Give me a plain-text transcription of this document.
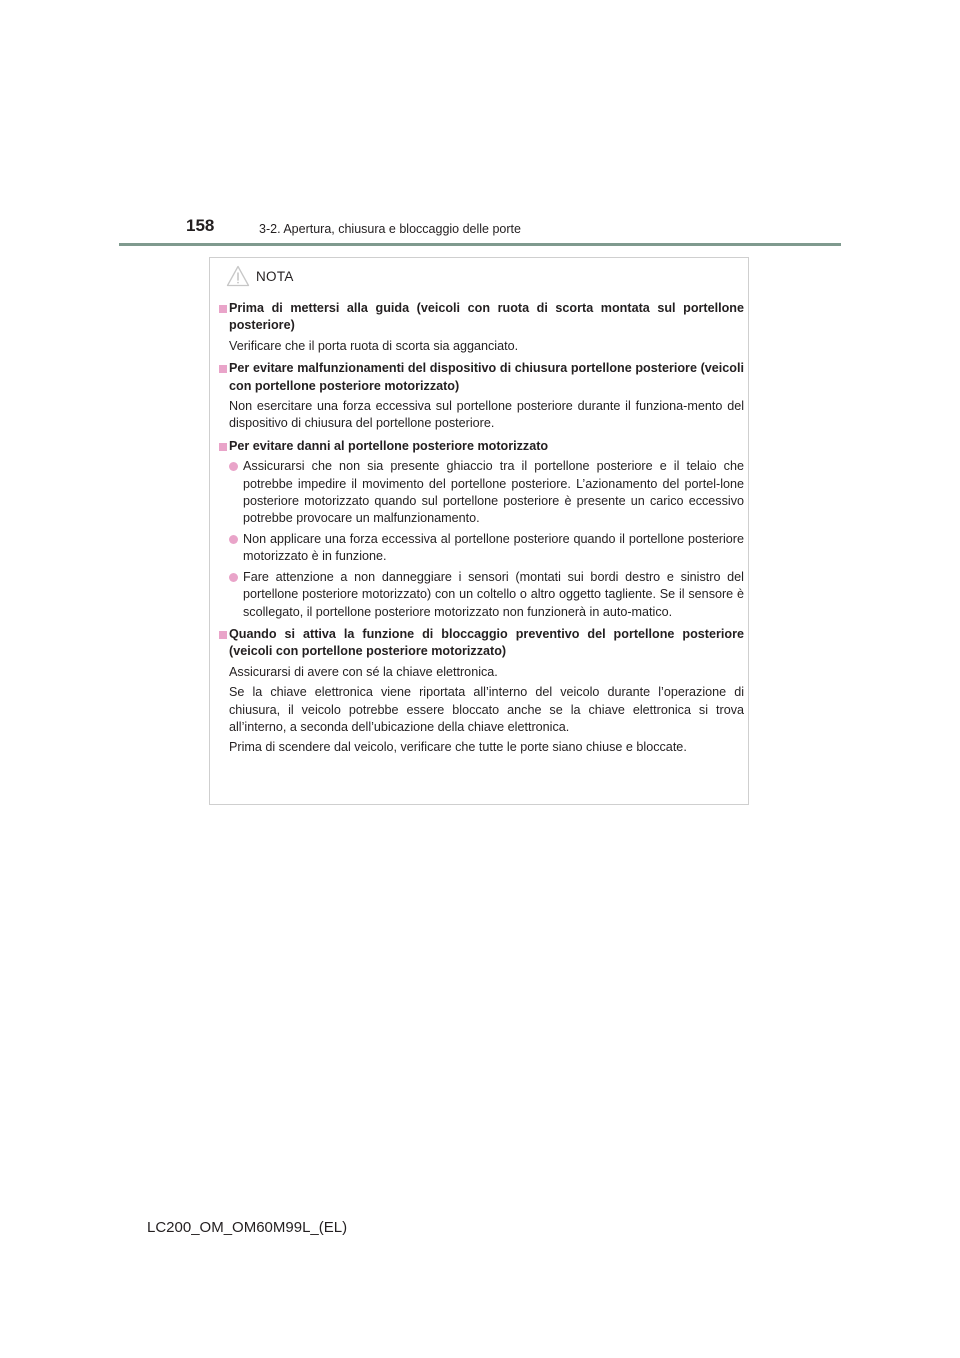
158	3-2. Apertura, chiusura e bloccaggio delle porte
NOTA

Prima di mettersi alla guida (veicoli con ruota di scorta montata sul portellone posteriore)

Verificare che il porta ruota di scorta sia agganciato.

Per evitare malfunzionamenti del dispositivo di chiusura portellone posteriore (veicoli con portellone posteriore motorizzato)

Non esercitare una forza eccessiva sul portellone posteriore durante il funziona-mento del dispositivo di chiusura del portellone posteriore.

Per evitare danni al portellone posteriore motorizzato

Assicurarsi che non sia presente ghiaccio tra il portellone posteriore e il telaio che potrebbe impedire il movimento del portellone posteriore. L’azionamento del portel-lone posteriore motorizzato quando sul portellone posteriore è presente un carico eccessivo potrebbe provocare un malfunzionamento.
Non applicare una forza eccessiva al portellone posteriore quando il portellone posteriore motorizzato è in funzione.
Fare attenzione a non danneggiare i sensori (montati sui bordi destro e sinistro del portellone posteriore motorizzato) con un coltello o altro oggetto tagliente. Se il sensore è scollegato, il portellone posteriore motorizzato non funzionerà in auto-matico.

Quando si attiva la funzione di bloccaggio preventivo del portellone posteriore (veicoli con portellone posteriore motorizzato)

Assicurarsi di avere con sé la chiave elettronica.

Se la chiave elettronica viene riportata all’interno del veicolo durante l’operazione di chiusura, il veicolo potrebbe essere bloccato anche se la chiave elettronica si trova all’interno, a seconda dell’ubicazione della chiave elettronica.

Prima di scendere dal veicolo, verificare che tutte le porte siano chiuse e bloccate.

LC200_OM_OM60M99L_(EL)
